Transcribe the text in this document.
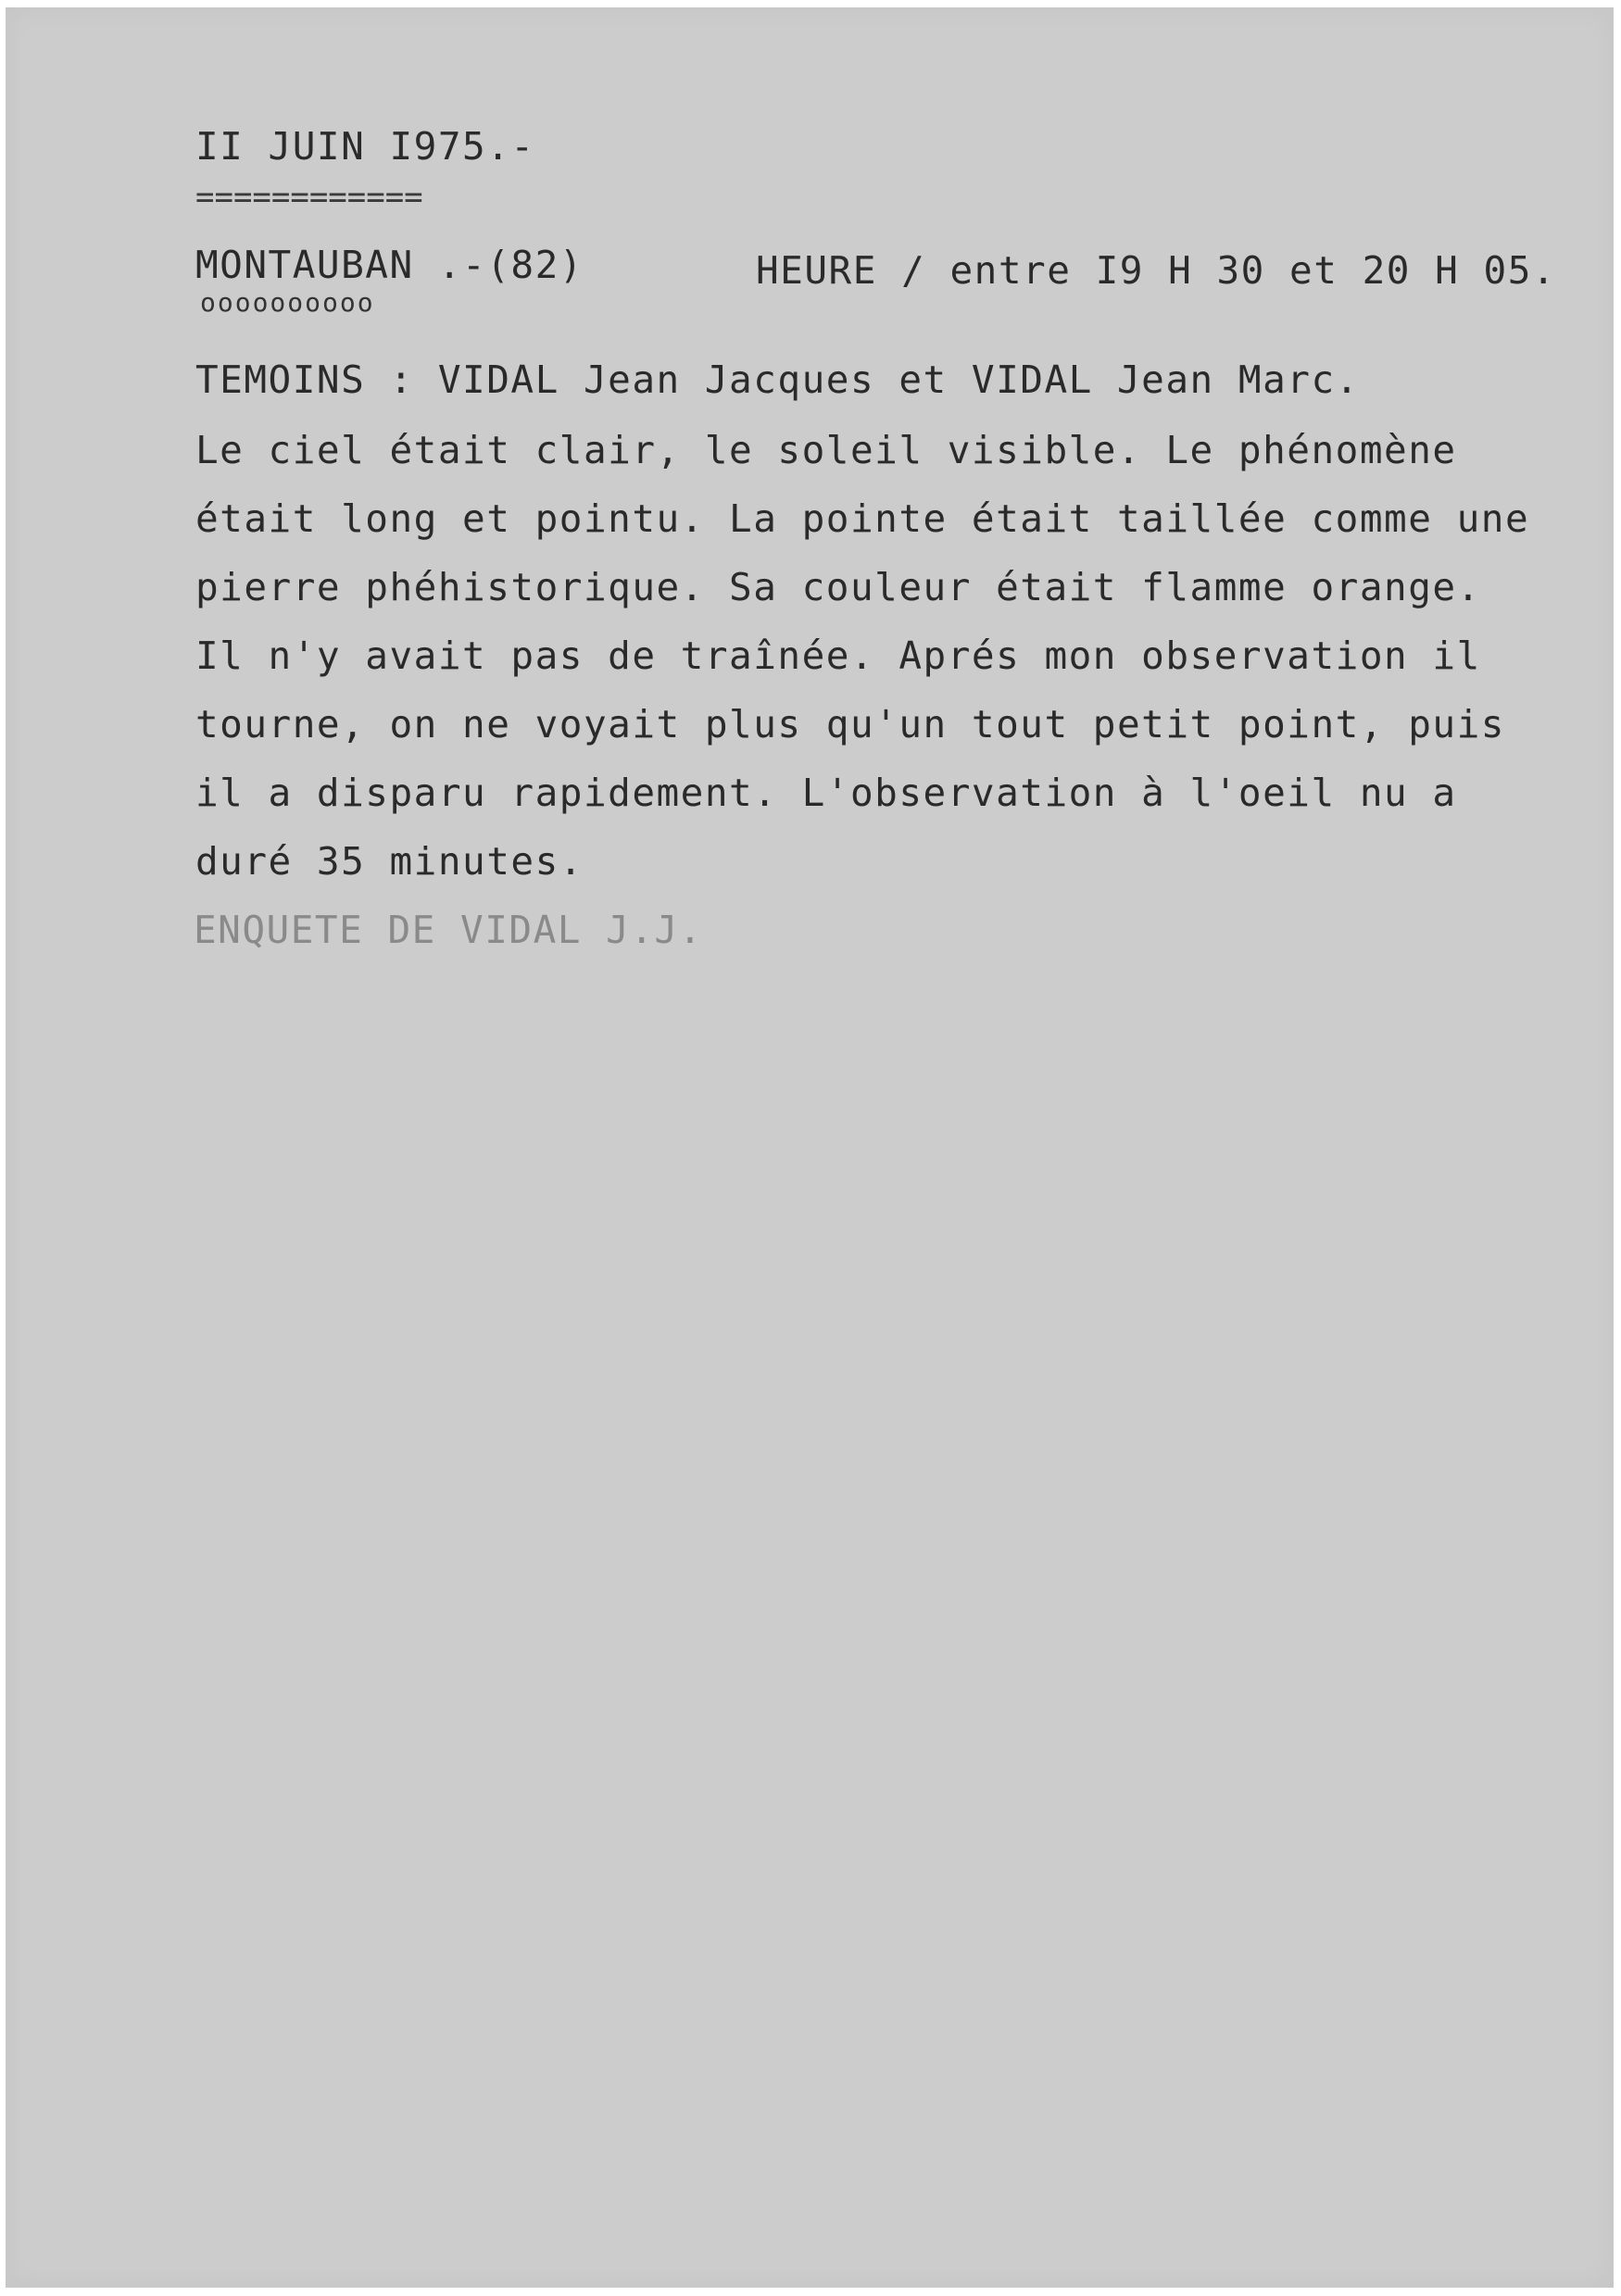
II JUIN I975.-
============
MONTAUBAN .-(82)
oooooooooo
HEURE / entre I9 H 30 et 20 H 05.
TEMOINS : VIDAL Jean Jacques et VIDAL Jean Marc.
Le ciel était clair, le soleil visible. Le phénomène
était long et pointu. La pointe était taillée comme une
pierre phéhistorique. Sa couleur était flamme orange.
Il n'y avait pas de traînée. Aprés mon observation il
tourne, on ne voyait plus qu'un tout petit point, puis
il a disparu rapidement. L'observation à l'oeil nu a
duré 35 minutes.
ENQUETE DE VIDAL J.J.
